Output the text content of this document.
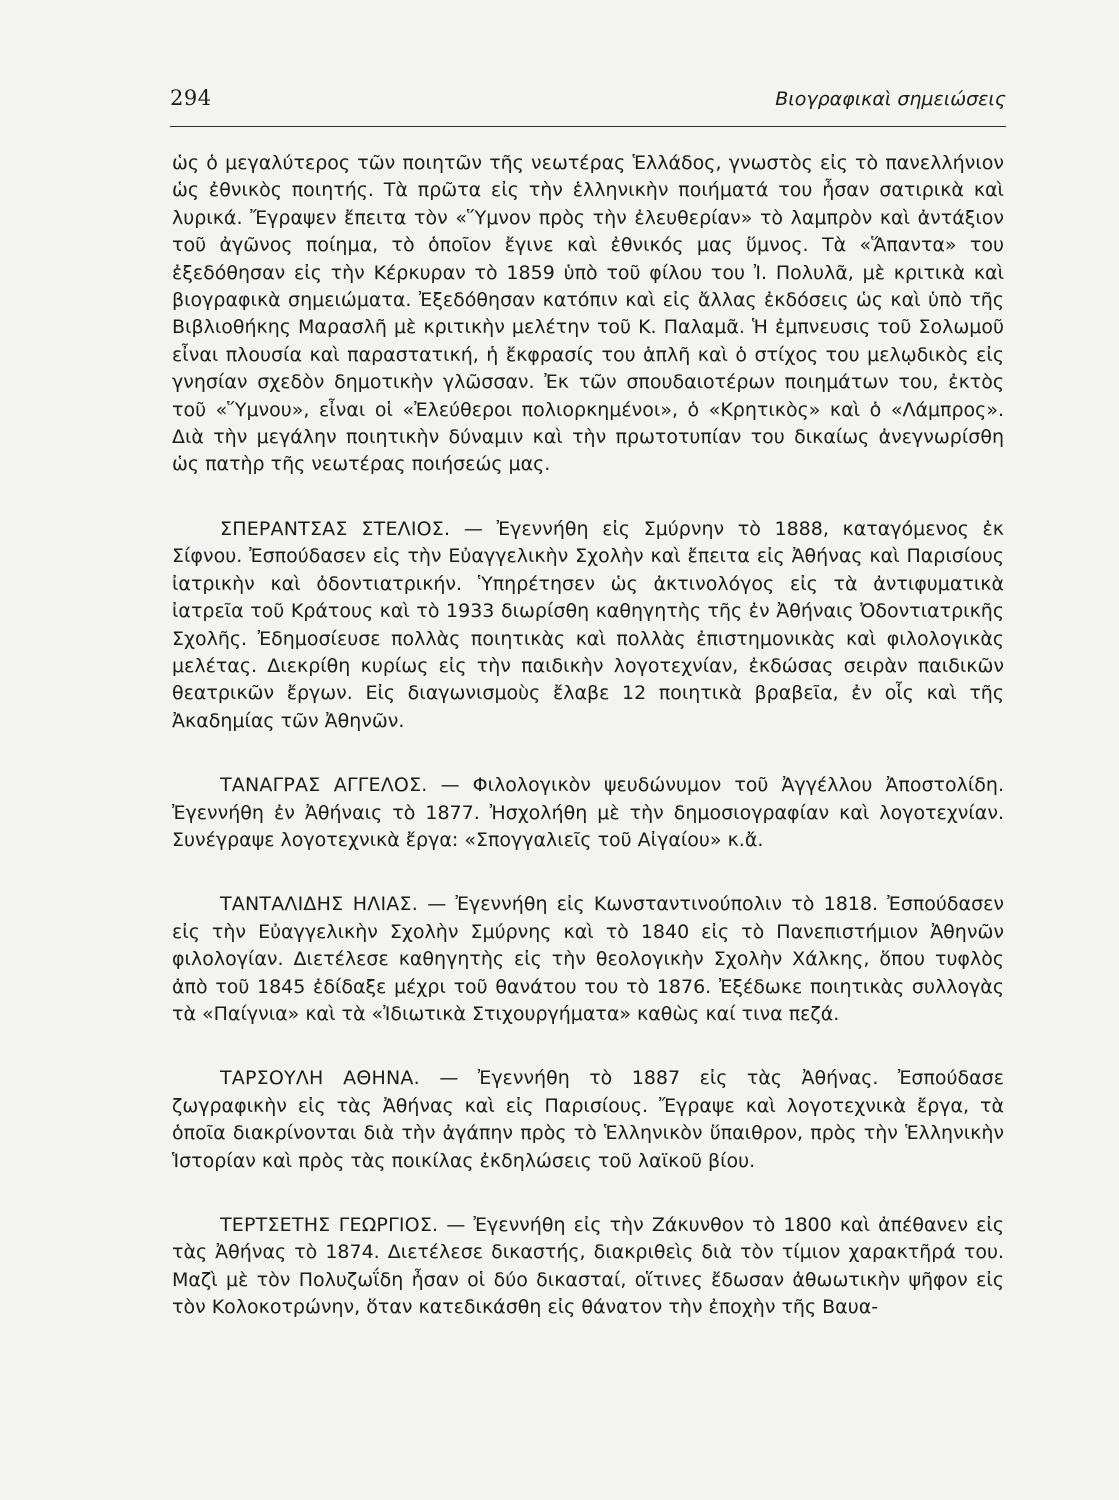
294	Βιογραφικαὶ σημειώσεις

ὡς ὁ μεγαλύτερος τῶν ποιητῶν τῆς νεωτέρας Ἑλλάδος, γνωστὸς εἰς τὸ πανελλήνιον ὡς ἐθνικὸς ποιητής. Τὰ πρῶτα εἰς τὴν ἑλληνικὴν ποιήματά του ἦσαν σατιρικὰ καὶ λυρικά. Ἔγραψεν ἔπειτα τὸν «Ὕμνον πρὸς τὴν ἐλευθερίαν» τὸ λαμπρὸν καὶ ἀντάξιον τοῦ ἀγῶνος ποίημα, τὸ ὁποῖον ἔγινε καὶ ἐθνικός μας ὕμνος. Τὰ «Ἅπαντα» του ἐξεδόθησαν εἰς τὴν Κέρκυραν τὸ 1859 ὑπὸ τοῦ φίλου του Ἰ. Πολυλᾶ, μὲ κριτικὰ καὶ βιογραφικὰ σημειώματα. Ἐξεδόθησαν κατόπιν καὶ εἰς ἄλλας ἐκδόσεις ὡς καὶ ὑπὸ τῆς Βιβλιοθήκης Μαρασλῆ μὲ κριτικὴν μελέτην τοῦ Κ. Παλαμᾶ. Ἡ ἐμπνευσις τοῦ Σολωμοῦ εἶναι πλουσία καὶ παραστατική, ἡ ἔκφρασίς του ἁπλῆ καὶ ὁ στίχος του μελῳδικὸς εἰς γνησίαν σχεδὸν δημοτικὴν γλῶσσαν. Ἐκ τῶν σπουδαιοτέρων ποιημάτων του, ἐκτὸς τοῦ «Ὕμνου», εἶναι οἱ «Ἐλεύθεροι πολιορκημένοι», ὁ «Κρητικὸς» καὶ ὁ «Λάμπρος». Διὰ τὴν μεγάλην ποιητικὴν δύναμιν καὶ τὴν πρωτοτυπίαν του δικαίως ἀνεγνωρίσθη ὡς πατὴρ τῆς νεωτέρας ποιήσεώς μας.

ΣΠΕΡΑΝΤΣΑΣ ΣΤΕΛΙΟΣ. — Ἐγεννήθη εἰς Σμύρνην τὸ 1888, καταγόμενος ἐκ Σίφνου. Ἐσπούδασεν εἰς τὴν Εὐαγγελικὴν Σχολὴν καὶ ἔπειτα εἰς Ἀθήνας καὶ Παρισίους ἰατρικὴν καὶ ὀδοντιατρικήν. Ὑπηρέτησεν ὡς ἀκτινολόγος εἰς τὰ ἀντιφυματικὰ ἰατρεῖα τοῦ Κράτους καὶ τὸ 1933 διωρίσθη καθηγητὴς τῆς ἐν Ἀθήναις Ὀδοντιατρικῆς Σχολῆς. Ἐδημοσίευσε πολλὰς ποιητικὰς καὶ πολλὰς ἐπιστημονικὰς καὶ φιλολογικὰς μελέτας. Διεκρίθη κυρίως εἰς τὴν παιδικὴν λογοτεχνίαν, ἐκδώσας σειρὰν παιδικῶν θεατρικῶν ἔργων. Εἰς διαγωνισμοὺς ἔλαβε 12 ποιητικὰ βραβεῖα, ἐν οἷς καὶ τῆς Ἀκαδημίας τῶν Ἀθηνῶν.

ΤΑΝΑΓΡΑΣ ΑΓΓΕΛΟΣ. — Φιλολογικὸν ψευδώνυμον τοῦ Ἀγγέλλου Ἀποστολίδη. Ἐγεννήθη ἐν Ἀθήναις τὸ 1877. Ἠσχολήθη μὲ τὴν δημοσιογραφίαν καὶ λογοτεχνίαν. Συνέγραψε λογοτεχνικὰ ἔργα: «Σπογγαλιεῖς τοῦ Αἰγαίου» κ.ἄ.

ΤΑΝΤΑΛΙΔΗΣ ΗΛΙΑΣ. — Ἐγεννήθη εἰς Κωνσταντινούπολιν τὸ 1818. Ἐσπούδασεν εἰς τὴν Εὐαγγελικὴν Σχολὴν Σμύρνης καὶ τὸ 1840 εἰς τὸ Πανεπιστήμιον Ἀθηνῶν φιλολογίαν. Διετέλεσε καθηγητὴς εἰς τὴν θεολογικὴν Σχολὴν Χάλκης, ὅπου τυφλὸς ἀπὸ τοῦ 1845 ἐδίδαξε μέχρι τοῦ θανάτου του τὸ 1876. Ἐξέδωκε ποιητικὰς συλλογὰς τὰ «Παίγνια» καὶ τὰ «Ἰδιωτικὰ Στιχουργήματα» καθὼς καί τινα πεζά.

ΤΑΡΣΟΥΛΗ ΑΘΗΝΑ. — Ἐγεννήθη τὸ 1887 εἰς τὰς Ἀθήνας. Ἐσπούδασε ζωγραφικὴν εἰς τὰς Ἀθήνας καὶ εἰς Παρισίους. Ἔγραψε καὶ λογοτεχνικὰ ἔργα, τὰ ὁποῖα διακρίνονται διὰ τὴν ἀγάπην πρὸς τὸ Ἑλληνικὸν ὕπαιθρον, πρὸς τὴν Ἑλληνικὴν Ἱστορίαν καὶ πρὸς τὰς ποικίλας ἐκδηλώσεις τοῦ λαϊκοῦ βίου.

ΤΕΡΤΣΕΤΗΣ ΓΕΩΡΓΙΟΣ. — Ἐγεννήθη εἰς τὴν Ζάκυνθον τὸ 1800 καὶ ἀπέθανεν εἰς τὰς Ἀθήνας τὸ 1874. Διετέλεσε δικαστής, διακριθεὶς διὰ τὸν τίμιον χαρακτῆρά του. Μαζὶ μὲ τὸν Πολυζωΐδη ἦσαν οἱ δύο δικασταί, οἵτινες ἔδωσαν ἀθωωτικὴν ψῆφον εἰς τὸν Κολοκοτρώνην, ὅταν κατεδικάσθη εἰς θάνατον τὴν ἐποχὴν τῆς Βαυα-
